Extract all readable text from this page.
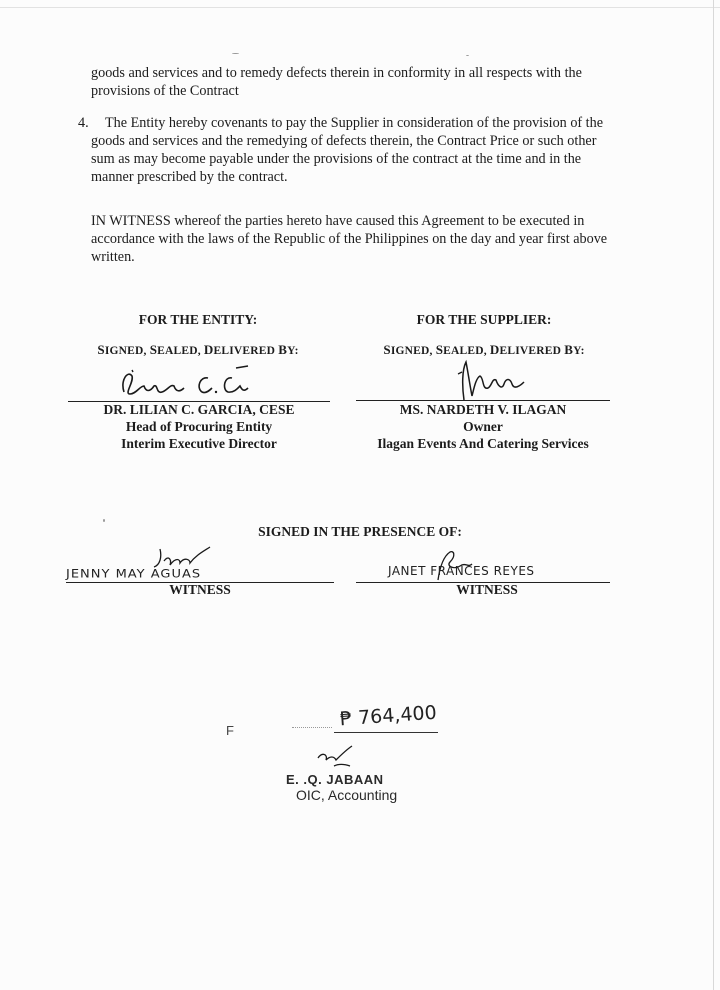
goods and services and to remedy defects therein in conformity in all respects with the provisions of the Contract
4. The Entity hereby covenants to pay the Supplier in consideration of the provision of the goods and services and the remedying of defects therein, the Contract Price or such other sum as may become payable under the provisions of the contract at the time and in the manner prescribed by the contract.
IN WITNESS whereof the parties hereto have caused this Agreement to be executed in accordance with the laws of the Republic of the Philippines on the day and year first above written.
FOR THE ENTITY:
SIGNED, SEALED, DELIVERED BY:
DR. LILIAN C. GARCIA, CESE
Head of Procuring Entity
Interim Executive Director
FOR THE SUPPLIER:
SIGNED, SEALED, DELIVERED BY:
MS. NARDETH V. ILAGAN
Owner
Ilagan Events And Catering Services
SIGNED IN THE PRESENCE OF:
JENNY MAY AGUAS
WITNESS
JANET FRANCES REYES
WITNESS
F
₱ 764,400
E. .Q. JABAAN
OIC, Accounting
